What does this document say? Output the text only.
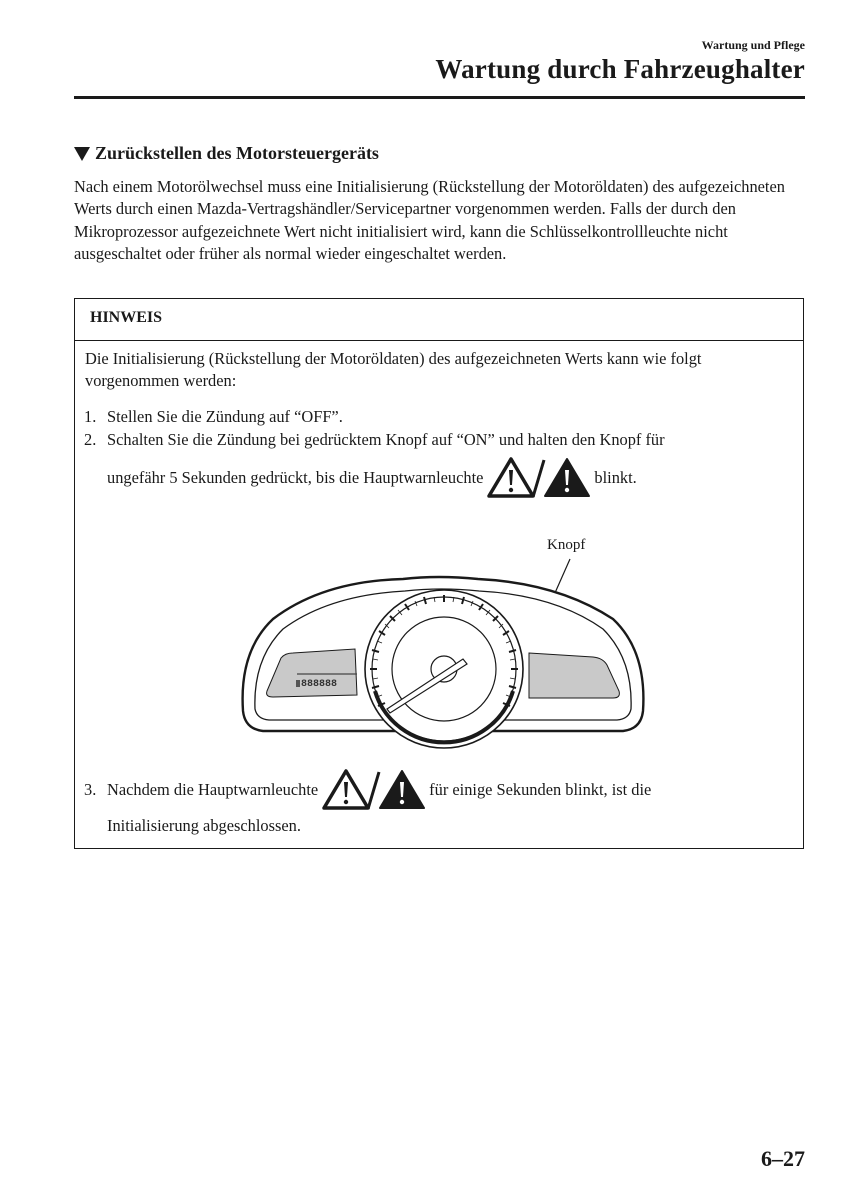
Wartung und Pflege
Wartung durch Fahrzeughalter
Zurückstellen des Motorsteuergeräts

Nach einem Motorölwechsel muss eine Initialisierung (Rückstellung der Motoröldaten) des aufgezeichneten Werts durch einen Mazda-Vertragshändler/Servicepartner vorgenommen werden. Falls der durch den Mikroprozessor aufgezeichnete Wert nicht initialisiert wird, kann die Schlüsselkontrollleuchte nicht ausgeschaltet oder früher als normal wieder eingeschaltet werden.

HINWEIS

Die Initialisierung (Rückstellung der Motoröldaten) des aufgezeichneten Werts kann wie folgt vorgenommen werden:

1. Stellen Sie die Zündung auf “OFF”.
2. Schalten Sie die Zündung bei gedrücktem Knopf auf “ON” und halten den Knopf für
ungefähr 5 Sekunden gedrückt, bis die Hauptwarnleuchte	blinkt.
Knopf
888888
3. Nachdem die Hauptwarnleuchte	für einige Sekunden blinkt, ist die
Initialisierung abgeschlossen.
6–27
